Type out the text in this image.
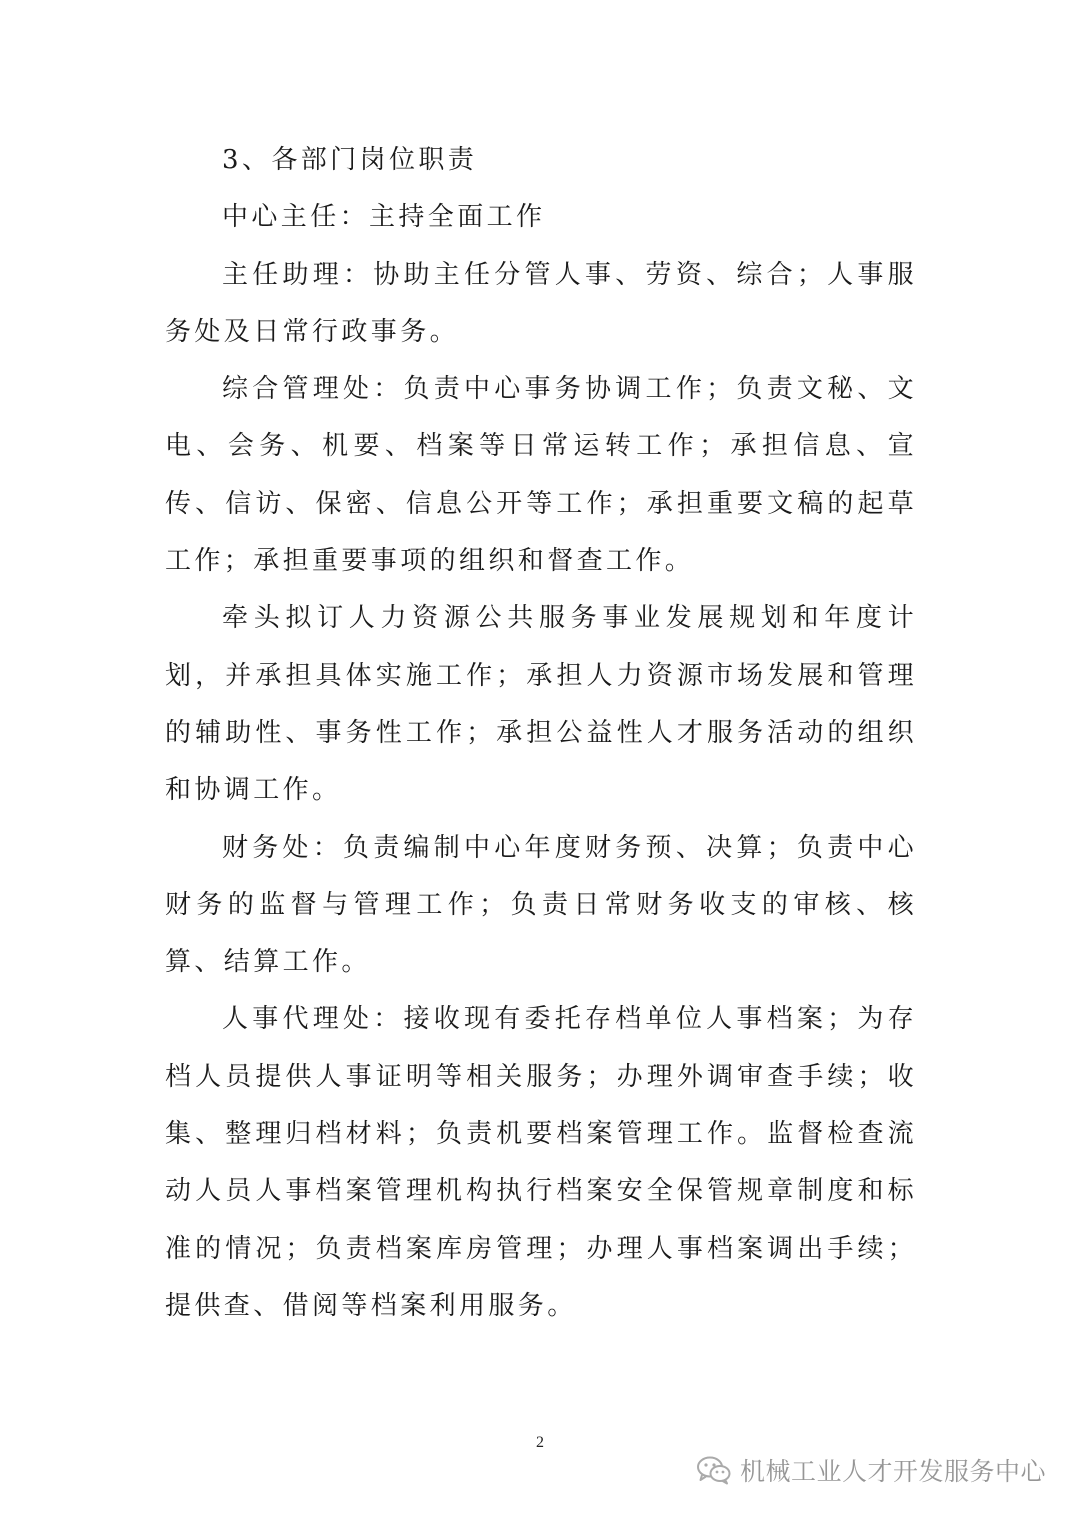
3、各部门岗位职责

中心主任：主持全面工作

主任助理：协助主任分管人事、劳资、综合；人事服务处及日常行政事务。

综合管理处：负责中心事务协调工作；负责文秘、文电、会务、机要、档案等日常运转工作；承担信息、宣传、信访、保密、信息公开等工作；承担重要文稿的起草工作；承担重要事项的组织和督查工作。

牵头拟订人力资源公共服务事业发展规划和年度计划，并承担具体实施工作；承担人力资源市场发展和管理的辅助性、事务性工作；承担公益性人才服务活动的组织和协调工作。

财务处：负责编制中心年度财务预、决算；负责中心财务的监督与管理工作；负责日常财务收支的审核、核算、结算工作。

人事代理处：接收现有委托存档单位人事档案；为存档人员提供人事证明等相关服务；办理外调审查手续；收集、整理归档材料；负责机要档案管理工作。监督检查流动人员人事档案管理机构执行档案安全保管规章制度和标准的情况；负责档案库房管理；办理人事档案调出手续；提供查、借阅等档案利用服务。

2
机械工业人才开发服务中心
